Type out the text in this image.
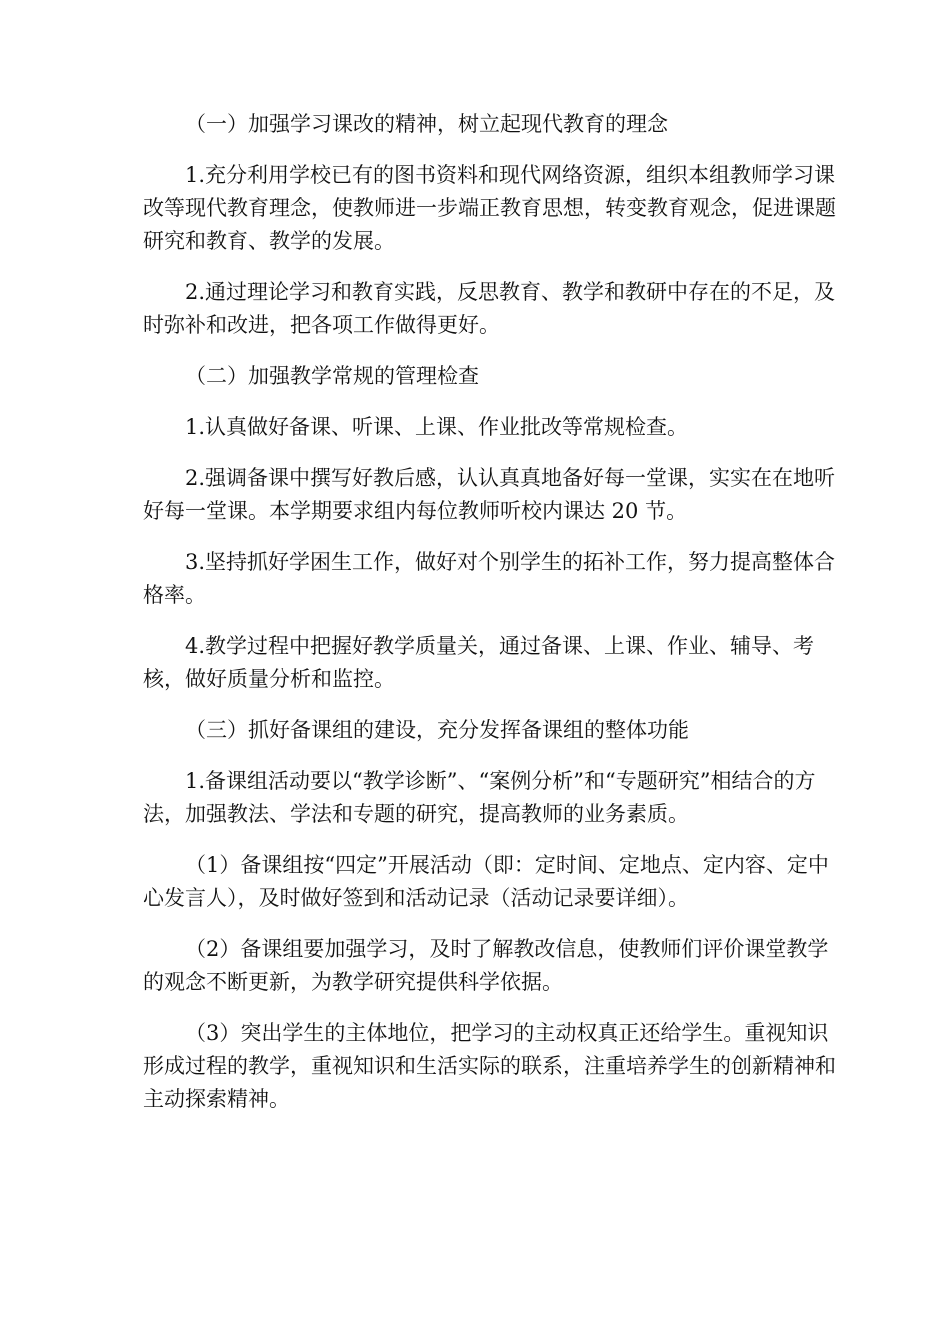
（一）加强学习课改的精神，树立起现代教育的理念

1.充分利用学校已有的图书资料和现代网络资源，组织本组教师学习课改等现代教育理念，使教师进一步端正教育思想，转变教育观念，促进课题研究和教育、教学的发展。

2.通过理论学习和教育实践，反思教育、教学和教研中存在的不足，及时弥补和改进，把各项工作做得更好。

（二）加强教学常规的管理检查

1.认真做好备课、听课、上课、作业批改等常规检查。

2.强调备课中撰写好教后感，认认真真地备好每一堂课，实实在在地听好每一堂课。本学期要求组内每位教师听校内课达 20 节。

3.坚持抓好学困生工作，做好对个别学生的拓补工作，努力提高整体合格率。

4.教学过程中把握好教学质量关，通过备课、上课、作业、辅导、考核，做好质量分析和监控。

（三）抓好备课组的建设，充分发挥备课组的整体功能

1.备课组活动要以“教学诊断”、“案例分析”和“专题研究”相结合的方法，加强教法、学法和专题的研究，提高教师的业务素质。

（1）备课组按“四定”开展活动（即：定时间、定地点、定内容、定中心发言人），及时做好签到和活动记录（活动记录要详细）。

（2）备课组要加强学习，及时了解教改信息，使教师们评价课堂教学的观念不断更新，为教学研究提供科学依据。

（3）突出学生的主体地位，把学习的主动权真正还给学生。重视知识形成过程的教学，重视知识和生活实际的联系，注重培养学生的创新精神和主动探索精神。
